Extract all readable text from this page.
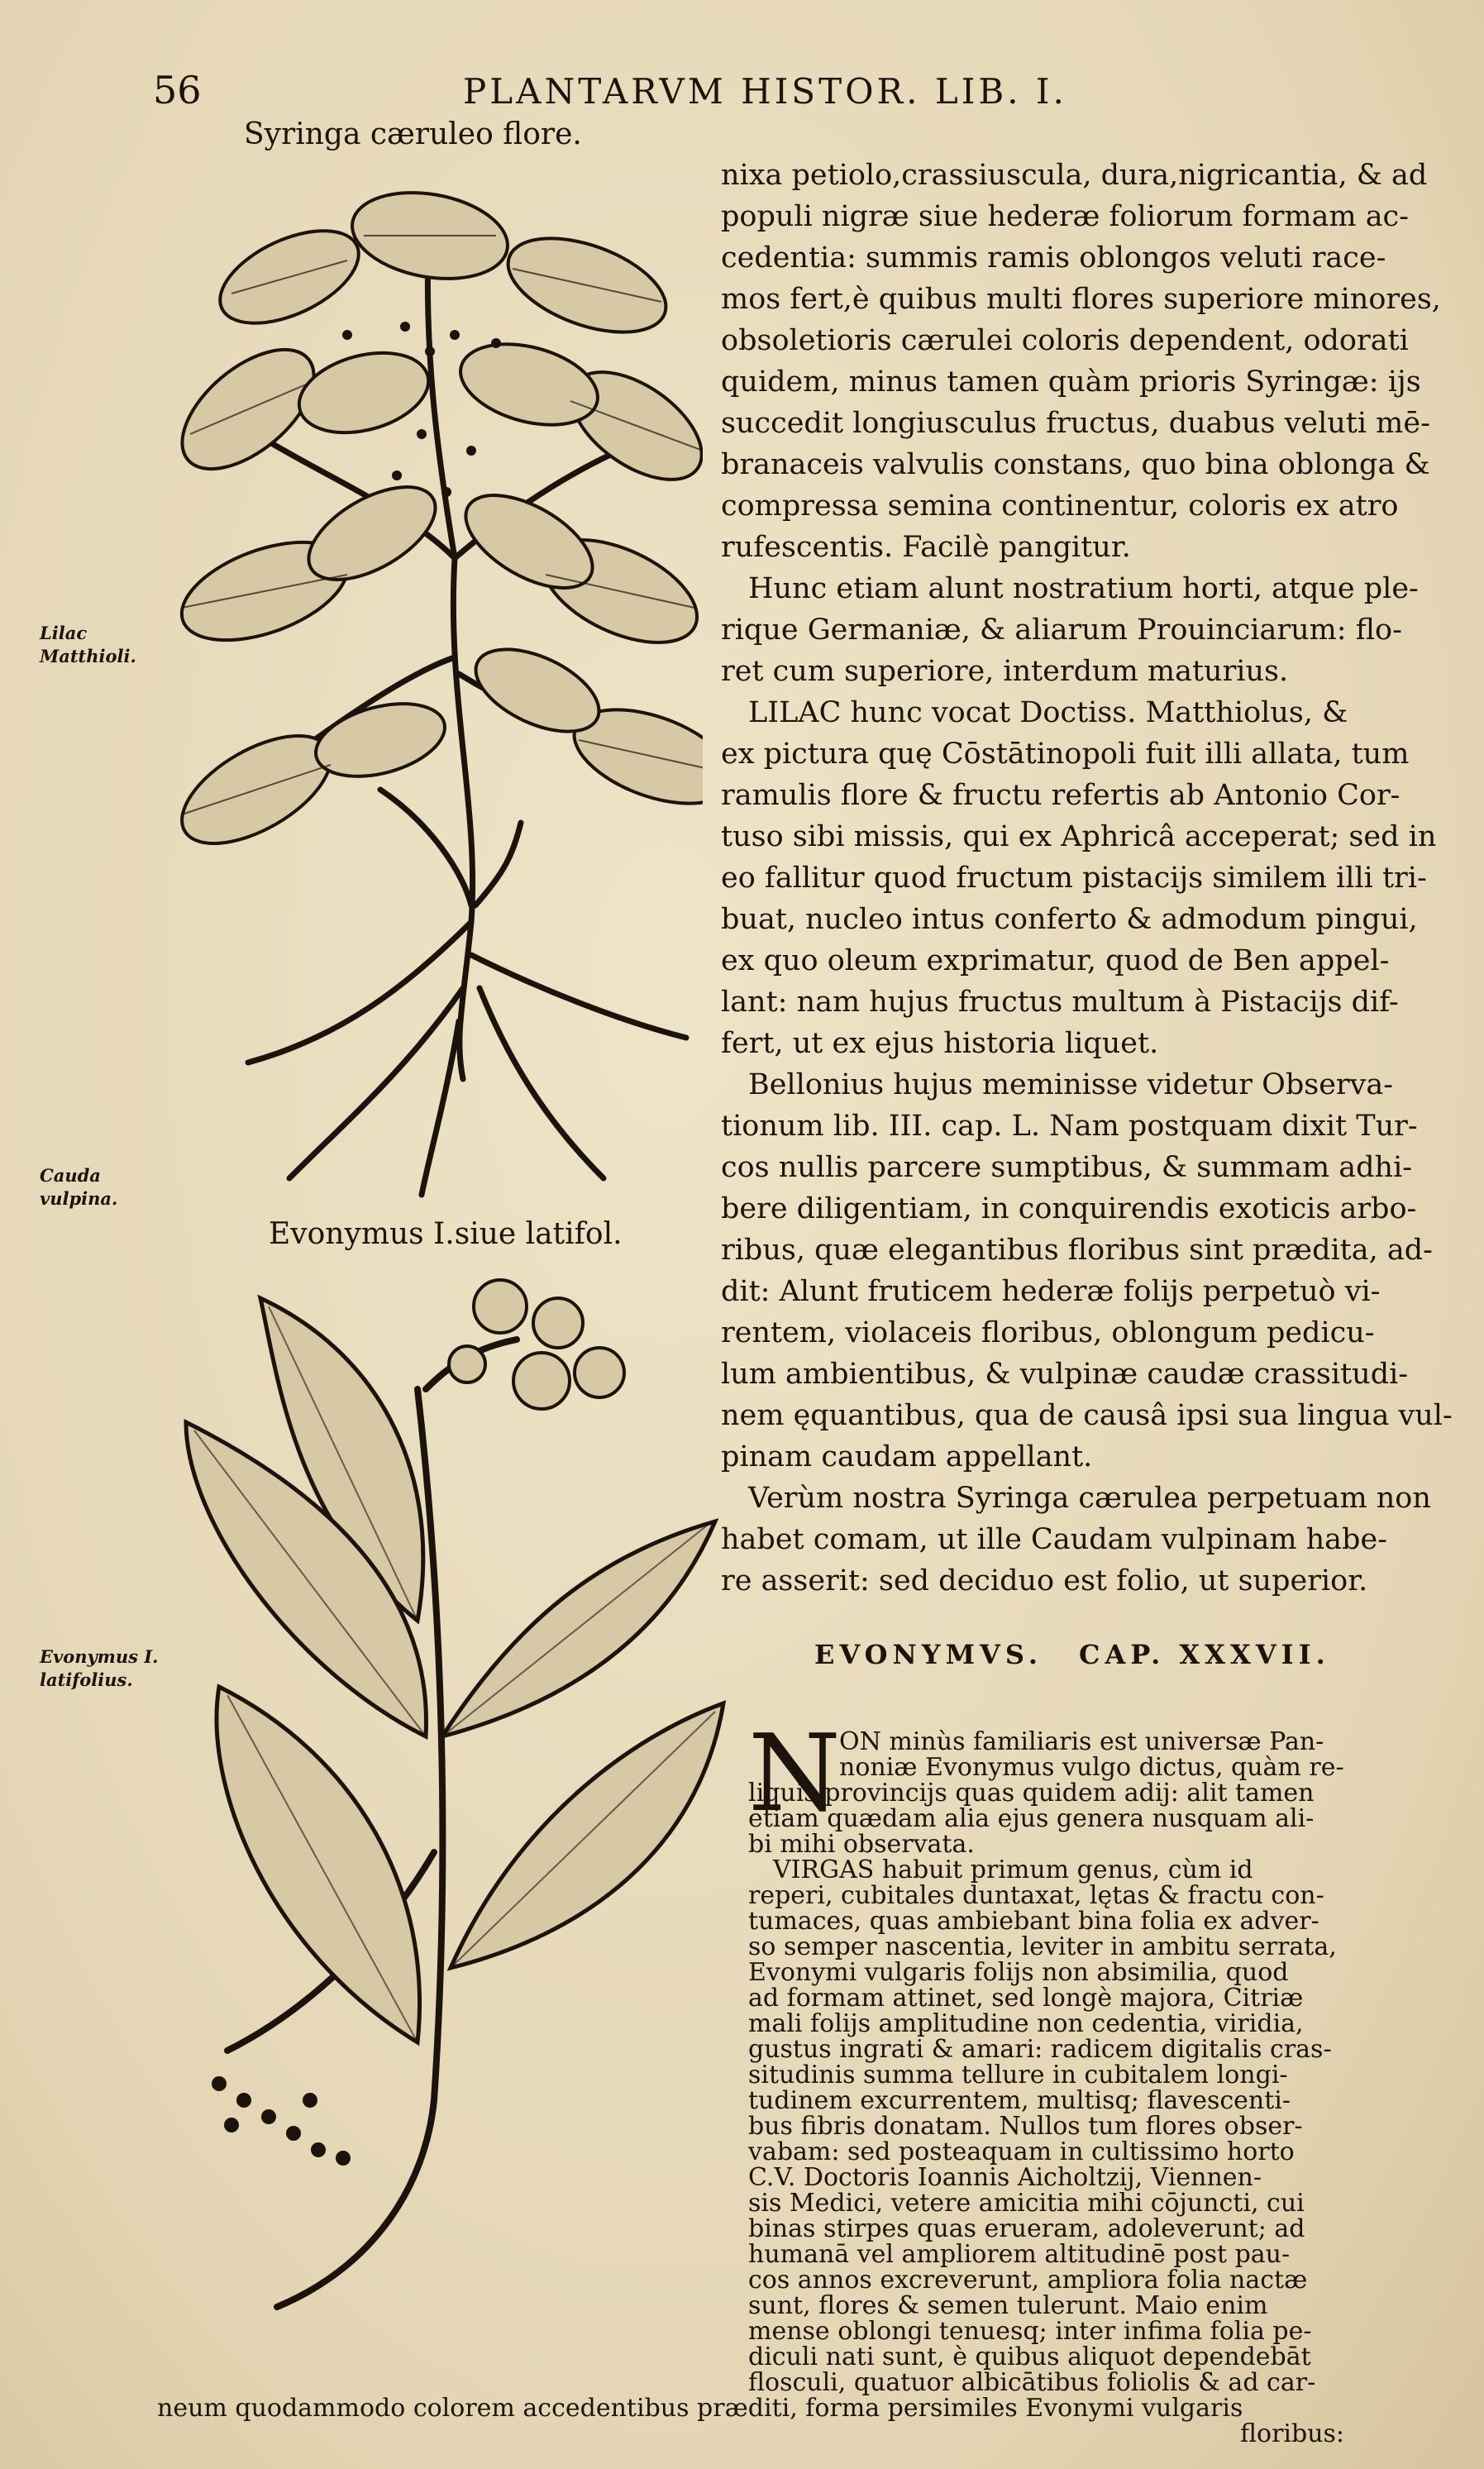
56	PLANTARVM HISTOR. LIB. I.
Syringa cæruleo flore.
Lilac Matthioli.
Cauda vulpina.
Evonymus I. latifolius.
Evonymus I.siue latifol.
nixa petiolo,crassiuscula, dura,nigricantia, & ad
populi nigræ siue hederæ foliorum formam ac-
cedentia: summis ramis oblongos veluti race-
mos fert,è quibus multi flores superiore minores,
obsoletioris cærulei coloris dependent, odorati
quidem, minus tamen quàm prioris Syringæ: ijs
succedit longiusculus fructus, duabus veluti mē-
branaceis valvulis constans, quo bina oblonga &
compressa semina continentur, coloris ex atro
rufescentis. Facilè pangitur.
Hunc etiam alunt nostratium horti, atque ple-
rique Germaniæ, & aliarum Prouinciarum: flo-
ret cum superiore, interdum maturius.
LILAC hunc vocat Doctiss. Matthiolus, &
ex pictura quę Cōstātinopoli fuit illi allata, tum
ramulis flore & fructu refertis ab Antonio Cor-
tuso sibi missis, qui ex Aphricâ acceperat; sed in
eo fallitur quod fructum pistacijs similem illi tri-
buat, nucleo intus conferto & admodum pingui,
ex quo oleum exprimatur, quod de Ben appel-
lant: nam hujus fructus multum à Pistacijs dif-
fert, ut ex ejus historia liquet.
Bellonius hujus meminisse videtur Observa-
tionum lib. III. cap. L. Nam postquam dixit Tur-
cos nullis parcere sumptibus, & summam adhi-
bere diligentiam, in conquirendis exoticis arbo-
ribus, quæ elegantibus floribus sint prædita, ad-
dit: Alunt fruticem hederæ folijs perpetuò vi-
rentem, violaceis floribus, oblongum pedicu-
lum ambientibus, & vulpinæ caudæ crassitudi-
nem ęquantibus, qua de causâ ipsi sua lingua vul-
pinam caudam appellant.
Verùm nostra Syringa cærulea perpetuam non
habet comam, ut ille Caudam vulpinam habe-
re asserit: sed deciduo est folio, ut superior.
EVONYMVS. CAP. XXXVII.
N
ON minùs familiaris est universæ Pan-
noniæ Evonymus vulgo dictus, quàm re-
liquis provincijs quas quidem adij: alit tamen
etiam quædam alia ejus genera nusquam ali-
bi mihi observata.
VIRGAS habuit primum genus, cùm id
reperi, cubitales duntaxat, lętas & fractu con-
tumaces, quas ambiebant bina folia ex adver-
so semper nascentia, leviter in ambitu serrata,
Evonymi vulgaris folijs non absimilia, quod
ad formam attinet, sed longè majora, Citriæ
mali folijs amplitudine non cedentia, viridia,
gustus ingrati & amari: radicem digitalis cras-
situdinis summa tellure in cubitalem longi-
tudinem excurrentem, multisq; flavescenti-
bus fibris donatam. Nullos tum flores obser-
vabam: sed posteaquam in cultissimo horto
C.V. Doctoris Ioannis Aicholtzij, Viennen-
sis Medici, vetere amicitia mihi cōjuncti, cui
binas stirpes quas erueram, adoleverunt; ad
humanā vel ampliorem altitudinē post pau-
cos annos excreverunt, ampliora folia nactæ
sunt, flores & semen tulerunt. Maio enim
mense oblongi tenuesq; inter infima folia pe-
diculi nati sunt, è quibus aliquot dependebāt
flosculi, quatuor albicātibus foliolis & ad car-
neum quodammodo colorem accedentibus præditi, forma persimiles Evonymi vulgaris
floribus:
